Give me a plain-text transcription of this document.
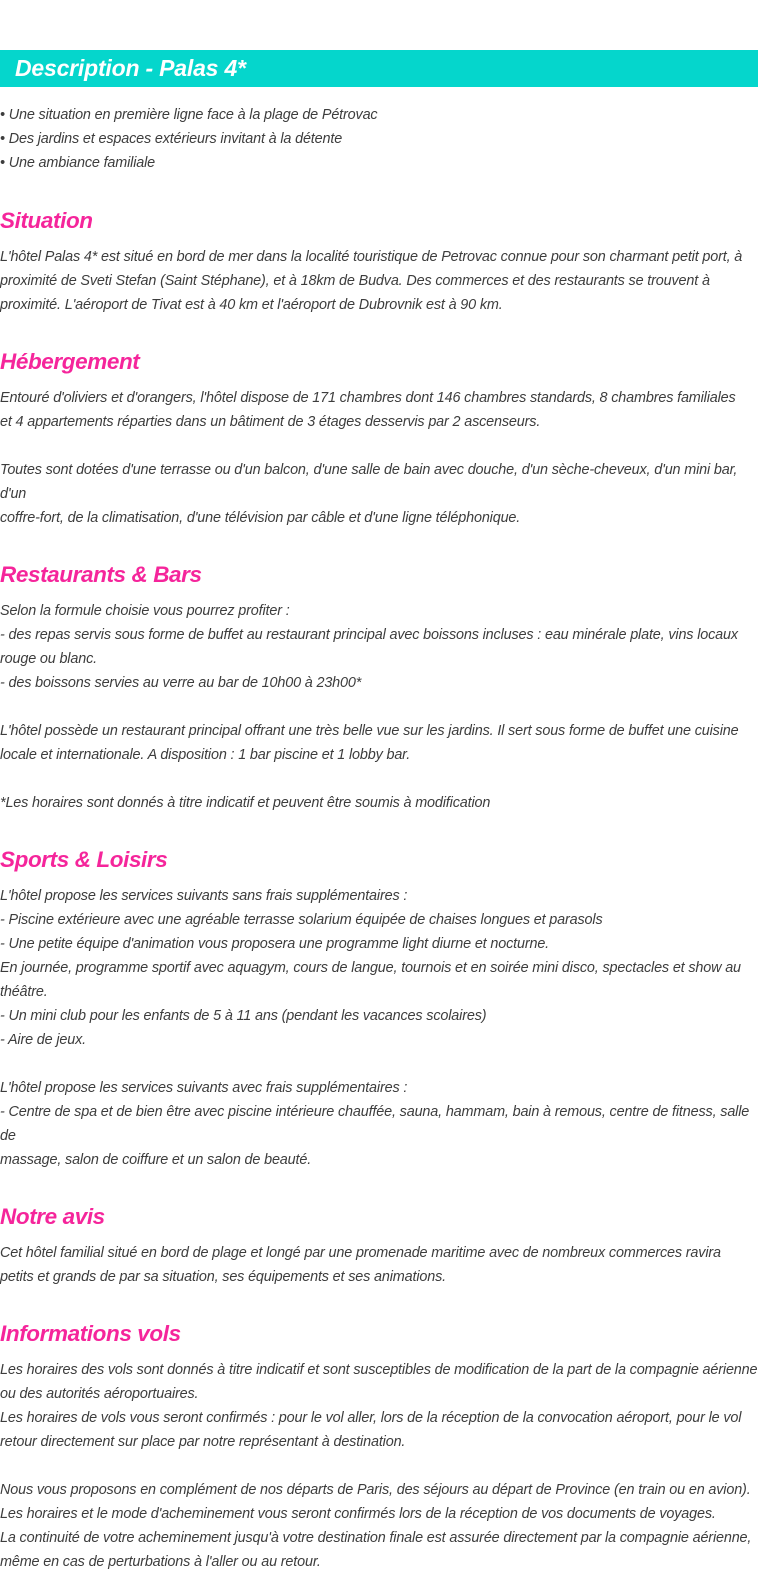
Description - Palas 4*
• Une situation en première ligne face à la plage de Pétrovac
• Des jardins et espaces extérieurs invitant à la détente
• Une ambiance familiale
Situation
L'hôtel Palas 4* est situé en bord de mer dans la localité touristique de Petrovac connue pour son charmant petit port, à
proximité de Sveti Stefan (Saint Stéphane), et à 18km de Budva. Des commerces et des restaurants se trouvent à
proximité. L'aéroport de Tivat est à 40 km et l'aéroport de Dubrovnik est à 90 km.
Hébergement
Entouré d'oliviers et d'orangers, l'hôtel dispose de 171 chambres dont 146 chambres standards, 8 chambres familiales
et 4 appartements réparties dans un bâtiment de 3 étages desservis par 2 ascenseurs.
Toutes sont dotées d'une terrasse ou d'un balcon, d'une salle de bain avec douche, d'un sèche-cheveux, d'un mini bar, d'un
coffre-fort, de la climatisation, d'une télévision par câble et d'une ligne téléphonique.
Restaurants & Bars
Selon la formule choisie vous pourrez profiter :
- des repas servis sous forme de buffet au restaurant principal avec boissons incluses : eau minérale plate, vins locaux
rouge ou blanc.
- des boissons servies au verre au bar de 10h00 à 23h00*
L'hôtel possède un restaurant principal offrant une très belle vue sur les jardins. Il sert sous forme de buffet une cuisine
locale et internationale. A disposition : 1 bar piscine et 1 lobby bar.
*Les horaires sont donnés à titre indicatif et peuvent être soumis à modification
Sports & Loisirs
L'hôtel propose les services suivants sans frais supplémentaires :
- Piscine extérieure avec une agréable terrasse solarium équipée de chaises longues et parasols
- Une petite équipe d'animation vous proposera une programme light diurne et nocturne.
En journée, programme sportif avec aquagym, cours de langue, tournois et en soirée mini disco, spectacles et show au
théâtre.
- Un mini club pour les enfants de 5 à 11 ans (pendant les vacances scolaires)
- Aire de jeux.
L'hôtel propose les services suivants avec frais supplémentaires :
- Centre de spa et de bien être avec piscine intérieure chauffée, sauna, hammam, bain à remous, centre de fitness, salle de
massage, salon de coiffure et un salon de beauté.
Notre avis
Cet hôtel familial situé en bord de plage et longé par une promenade maritime avec de nombreux commerces ravira
petits et grands de par sa situation, ses équipements et ses animations.
Informations vols
Les horaires des vols sont donnés à titre indicatif et sont susceptibles de modification de la part de la compagnie aérienne
ou des autorités aéroportuaires.
Les horaires de vols vous seront confirmés : pour le vol aller, lors de la réception de la convocation aéroport, pour le vol
retour directement sur place par notre représentant à destination.
Nous vous proposons en complément de nos départs de Paris, des séjours au départ de Province (en train ou en avion).
Les horaires et le mode d'acheminement vous seront confirmés lors de la réception de vos documents de voyages.
La continuité de votre acheminement jusqu'à votre destination finale est assurée directement par la compagnie aérienne,
même en cas de perturbations à l'aller ou au retour.
